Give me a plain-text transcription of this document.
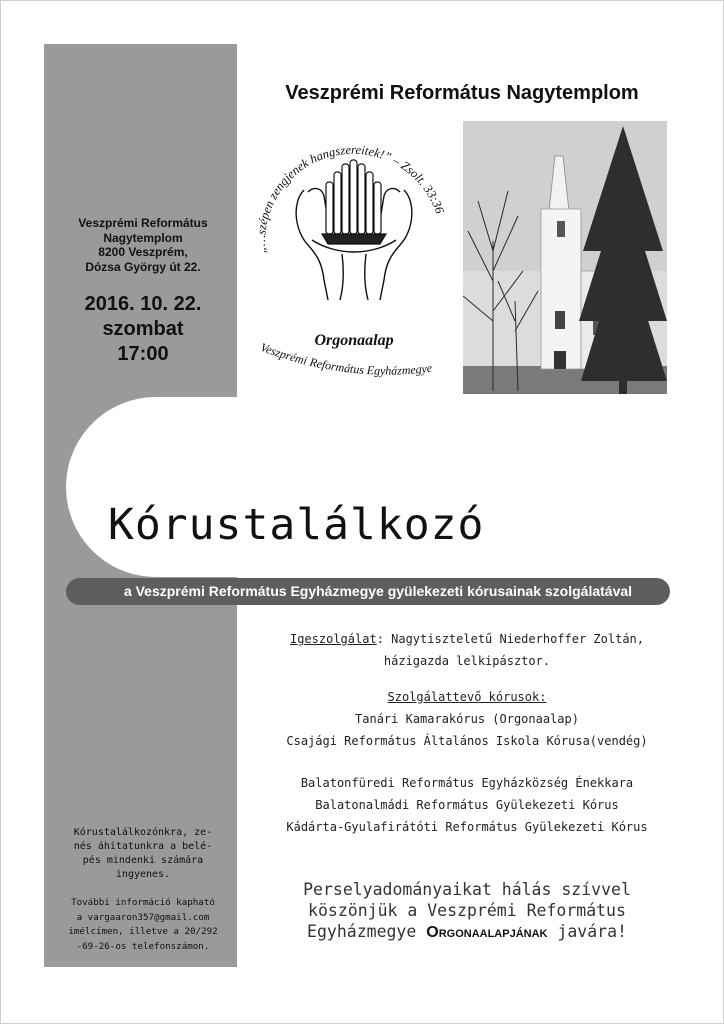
Veszprémi Református Nagytemplom
Veszprémi Református
Nagytemplom
8200 Veszprém,
Dózsa György út 22.
2016. 10. 22.
szombat
17:00
„…szépen zengjenek hangszereitek!” – Zsolt. 33:36
Orgonaalap
Veszprémi Református Egyházmegye
Kórustalálkozó
a Veszprémi Református Egyházmegye gyülekezeti kórusainak szolgálatával
Igeszolgálat: Nagytiszteletű Niederhoffer Zoltán,
házigazda lelkipásztor.
Szolgálattevő kórusok:
Tanári Kamarakórus (Orgonaalap)
Csajági Református Általános Iskola Kórusa(vendég)
Balatonfüredi Református Egyházközség Énekkara
Balatonalmádi Református Gyülekezeti Kórus
Kádárta-Gyulafirátóti Református Gyülekezeti Kórus
Perselyadományaikat hálás szívvel
köszönjük a Veszprémi Református
Egyházmegye Orgonaalapjának javára!
Kórustalálkozónkra, ze-
nés áhítatunkra a belé-
pés mindenki számára
ingyenes.
További információ kapható
a vargaaron357@gmail.com
imélcímen, illetve a 20/292
-69-26-os telefonszámon.
